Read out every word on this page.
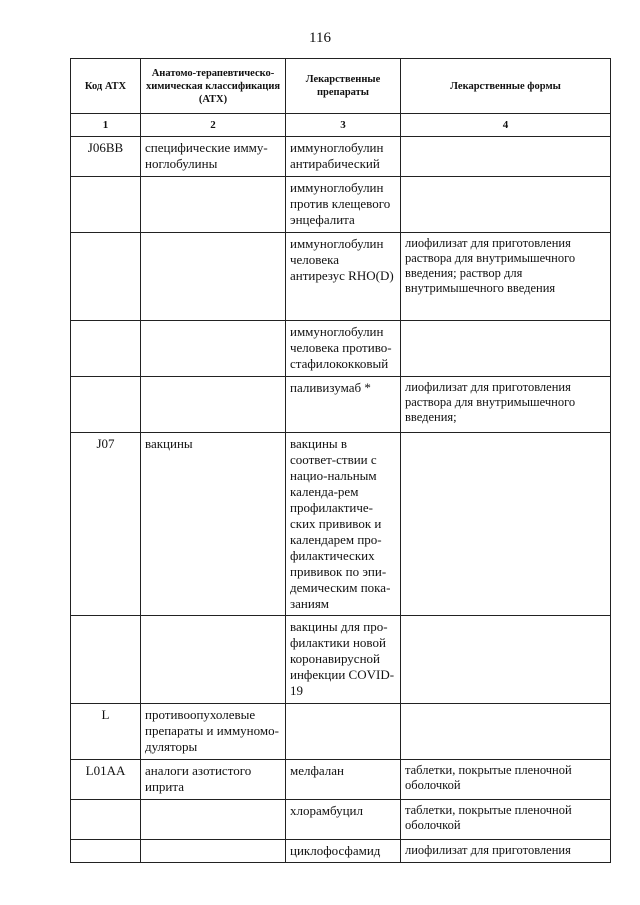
116
Код АТХ	Анатомо-терапевтическо-химическая классификация (АТХ)	Лекарственные препараты	Лекарственные формы
1	2	3	4
J06BB	специфические имму-ноглобулины	иммуноглобулин антирабический	
		иммуноглобулин против клещевого энцефалита	
		иммуноглобулин человека антирезус RHO(D)	лиофилизат для приготовления раствора для внутримышечного введения; раствор для внутримышечного введения
		иммуноглобулин человека противо-стафилококковый	
		паливизумаб *	лиофилизат для приготовления раствора для внутримышечного введения;
J07	вакцины	вакцины в соответ-ствии с нацио-нальным календа-рем профилактиче-ских прививок и календарем про-филактических прививок по эпи-демическим пока-заниям	
		вакцины для про-филактики новой коронавирусной инфекции COVID-19	
L	противоопухолевые препараты и иммуномо-дуляторы		
L01AA	аналоги азотистого иприта	мелфалан	таблетки, покрытые пленочной оболочкой
		хлорамбуцил	таблетки, покрытые пленочной оболочкой
		циклофосфамид	лиофилизат для приготовления
